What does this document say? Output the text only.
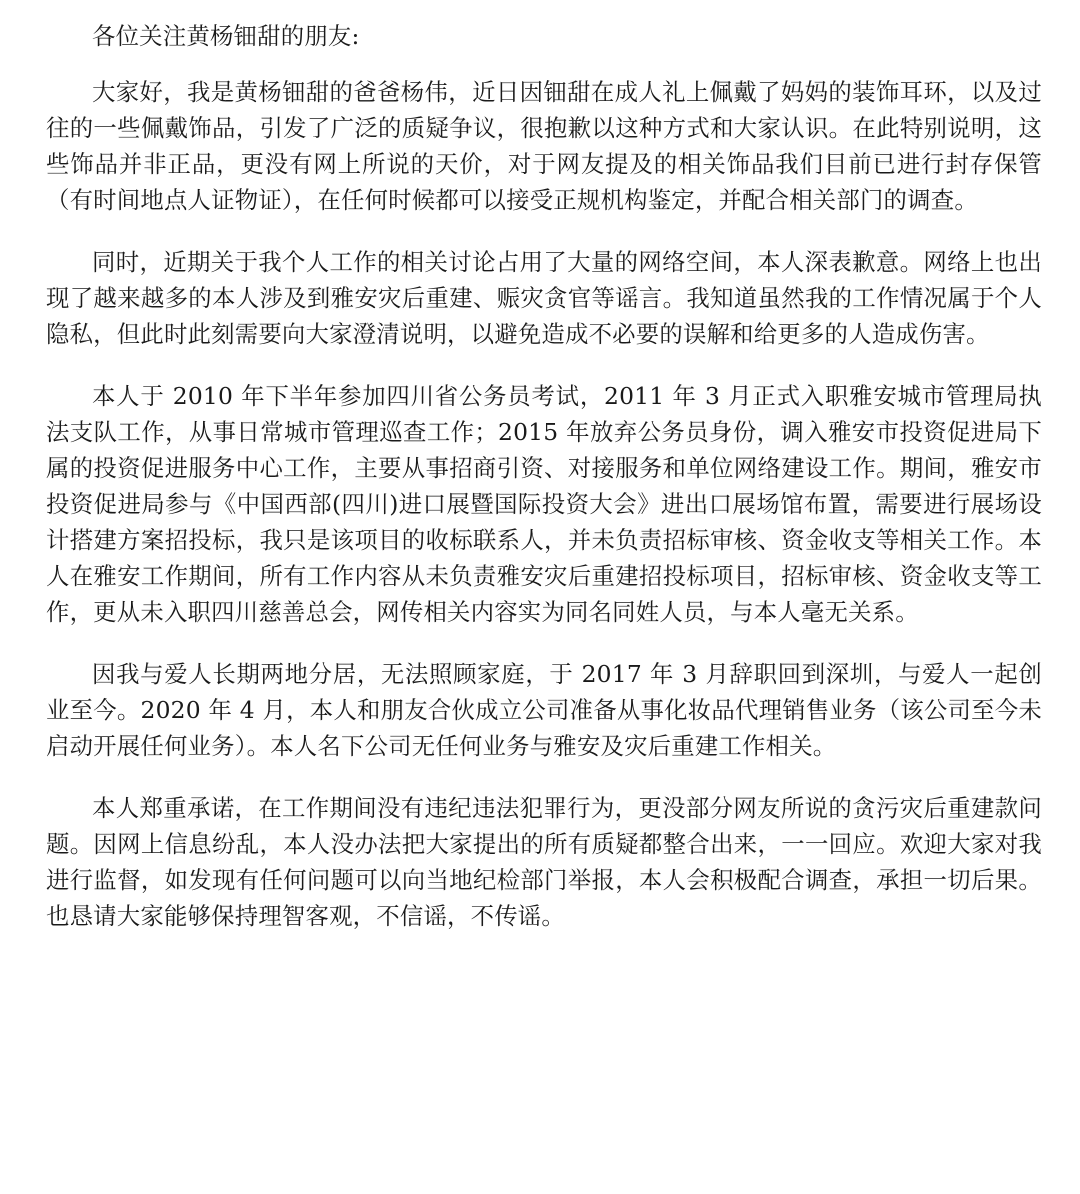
各位关注黄杨钿甜的朋友:

大家好，我是黄杨钿甜的爸爸杨伟，近日因钿甜在成人礼上佩戴了妈妈的装饰耳环，以及过往的一些佩戴饰品，引发了广泛的质疑争议，很抱歉以这种方式和大家认识。在此特别说明，这些饰品并非正品，更没有网上所说的天价，对于网友提及的相关饰品我们目前已进行封存保管（有时间地点人证物证），在任何时候都可以接受正规机构鉴定，并配合相关部门的调查。

同时，近期关于我个人工作的相关讨论占用了大量的网络空间，本人深表歉意。网络上也出现了越来越多的本人涉及到雅安灾后重建、赈灾贪官等谣言。我知道虽然我的工作情况属于个人隐私，但此时此刻需要向大家澄清说明，以避免造成不必要的误解和给更多的人造成伤害。

本人于 2010 年下半年参加四川省公务员考试，2011 年 3 月正式入职雅安城市管理局执法支队工作，从事日常城市管理巡查工作；2015 年放弃公务员身份，调入雅安市投资促进局下属的投资促进服务中心工作，主要从事招商引资、对接服务和单位网络建设工作。期间，雅安市投资促进局参与《中国西部(四川)进口展暨国际投资大会》进出口展场馆布置，需要进行展场设计搭建方案招投标，我只是该项目的收标联系人，并未负责招标审核、资金收支等相关工作。本人在雅安工作期间，所有工作内容从未负责雅安灾后重建招投标项目，招标审核、资金收支等工作，更从未入职四川慈善总会，网传相关内容实为同名同姓人员，与本人毫无关系。

因我与爱人长期两地分居，无法照顾家庭，于 2017 年 3 月辞职回到深圳，与爱人一起创业至今。2020 年 4 月，本人和朋友合伙成立公司准备从事化妆品代理销售业务（该公司至今未启动开展任何业务）。本人名下公司无任何业务与雅安及灾后重建工作相关。

本人郑重承诺，在工作期间没有违纪违法犯罪行为，更没部分网友所说的贪污灾后重建款问题。因网上信息纷乱，本人没办法把大家提出的所有质疑都整合出来，一一回应。欢迎大家对我进行监督，如发现有任何问题可以向当地纪检部门举报，本人会积极配合调查，承担一切后果。也恳请大家能够保持理智客观，不信谣，不传谣。
